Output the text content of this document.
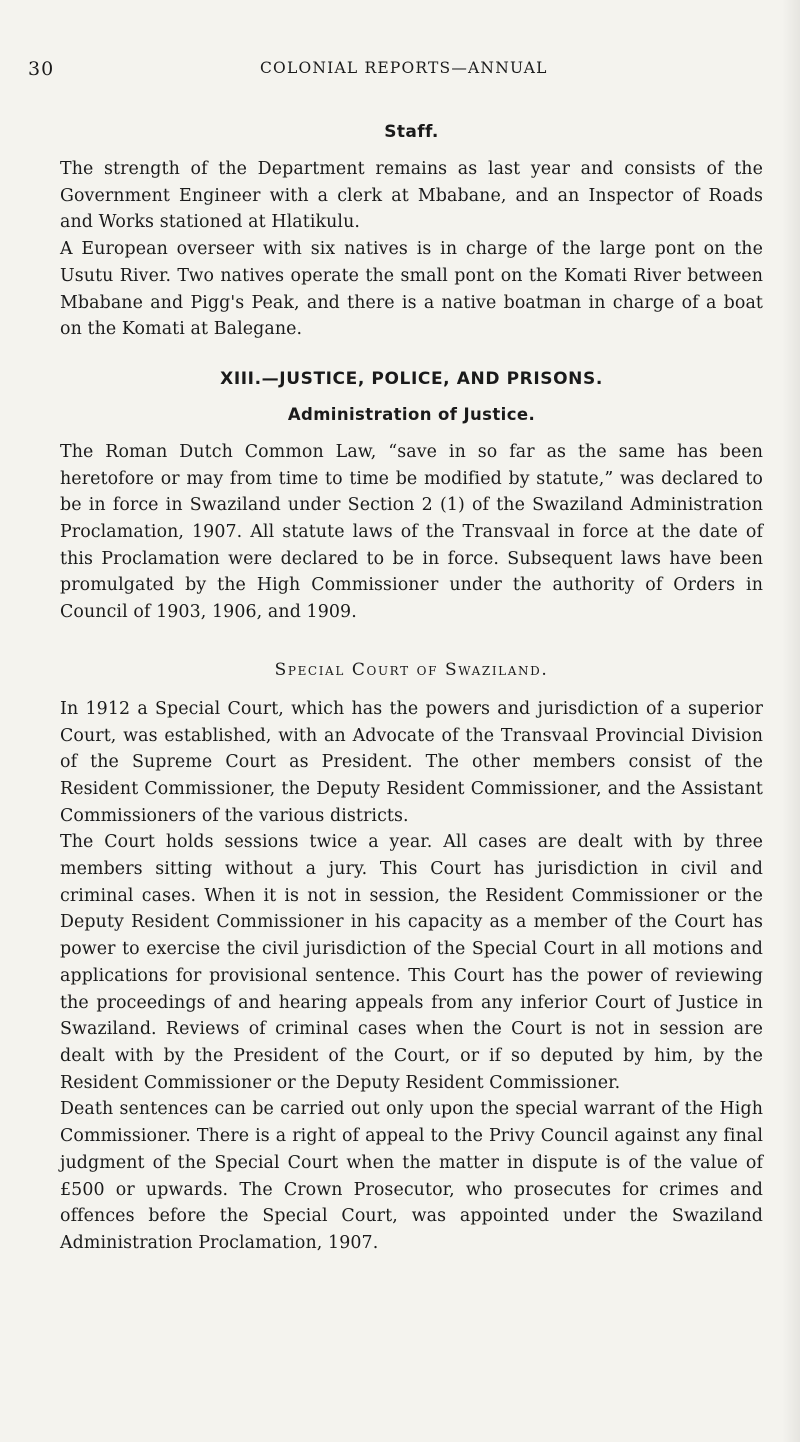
30	COLONIAL REPORTS—ANNUAL
Staff.

The strength of the Department remains as last year and consists of the Government Engineer with a clerk at Mbabane, and an Inspector of Roads and Works stationed at Hlatikulu.

A European overseer with six natives is in charge of the large pont on the Usutu River. Two natives operate the small pont on the Komati River between Mbabane and Pigg's Peak, and there is a native boatman in charge of a boat on the Komati at Balegane.

XIII.—JUSTICE, POLICE, AND PRISONS.
Administration of Justice.

The Roman Dutch Common Law, “save in so far as the same has been heretofore or may from time to time be modified by statute,” was declared to be in force in Swaziland under Section 2 (1) of the Swaziland Administration Proclamation, 1907. All statute laws of the Transvaal in force at the date of this Proclamation were declared to be in force. Subsequent laws have been promulgated by the High Commissioner under the authority of Orders in Council of 1903, 1906, and 1909.

Special Court of Swaziland.

In 1912 a Special Court, which has the powers and jurisdiction of a superior Court, was established, with an Advocate of the Transvaal Provincial Division of the Supreme Court as President. The other members consist of the Resident Commissioner, the Deputy Resident Commissioner, and the Assistant Commissioners of the various districts.

The Court holds sessions twice a year. All cases are dealt with by three members sitting without a jury. This Court has jurisdiction in civil and criminal cases. When it is not in session, the Resident Commissioner or the Deputy Resident Commissioner in his capacity as a member of the Court has power to exercise the civil jurisdiction of the Special Court in all motions and applications for provisional sentence. This Court has the power of reviewing the proceedings of and hearing appeals from any inferior Court of Justice in Swaziland. Reviews of criminal cases when the Court is not in session are dealt with by the President of the Court, or if so deputed by him, by the Resident Commissioner or the Deputy Resident Commissioner.

Death sentences can be carried out only upon the special warrant of the High Commissioner. There is a right of appeal to the Privy Council against any final judgment of the Special Court when the matter in dispute is of the value of £500 or upwards. The Crown Prosecutor, who prosecutes for crimes and offences before the Special Court, was appointed under the Swaziland Administration Proclamation, 1907.
